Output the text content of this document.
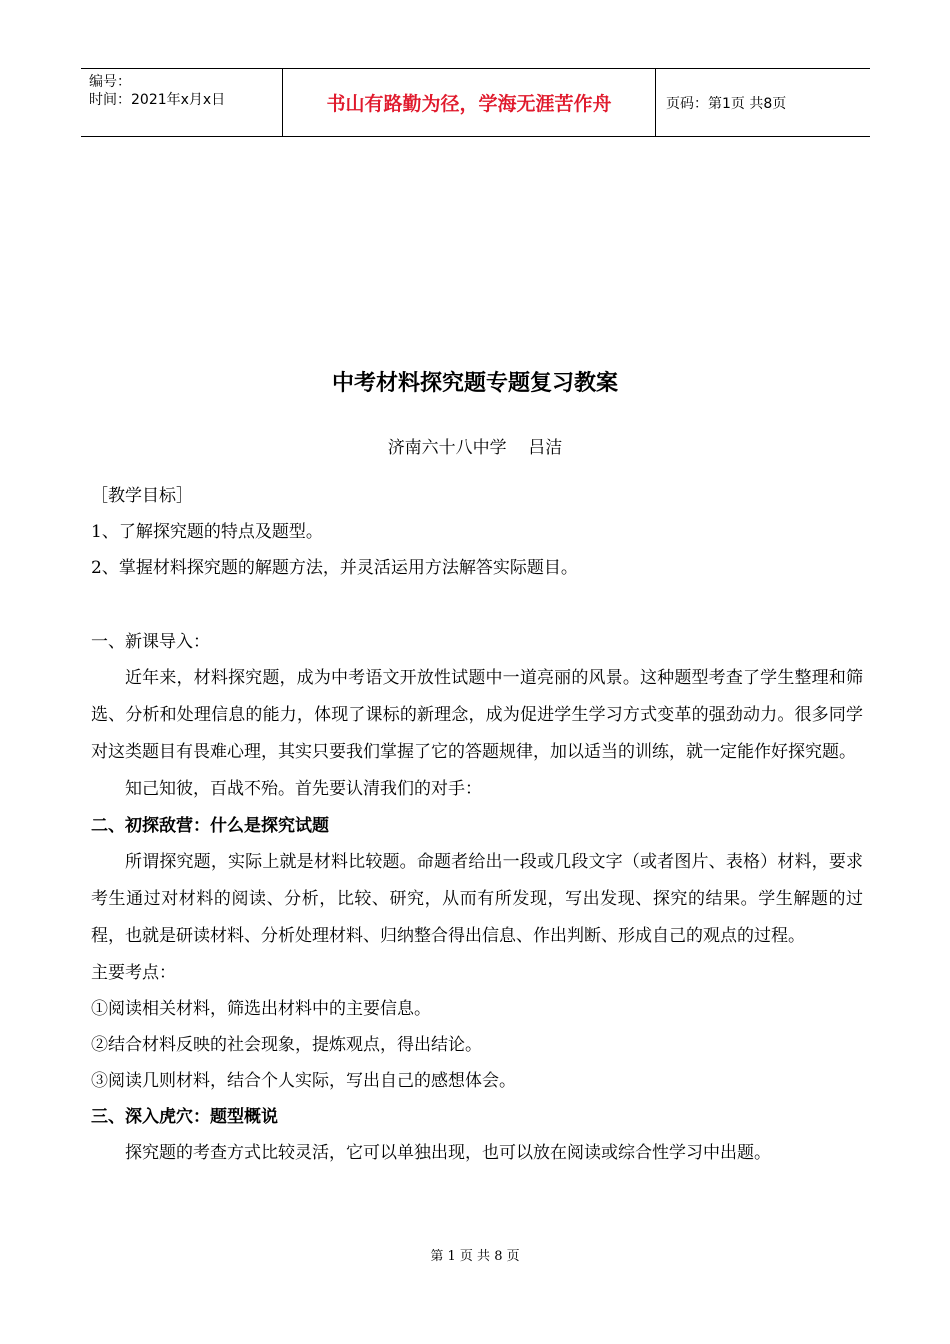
编号：
时间：2021年x月x日	书山有路勤为径，学海无涯苦作舟	页码：第1页 共8页
中考材料探究题专题复习教案
济南六十八中学    吕洁
［教学目标］
1、了解探究题的特点及题型。
2、掌握材料探究题的解题方法，并灵活运用方法解答实际题目。
一、新课导入：
近年来，材料探究题，成为中考语文开放性试题中一道亮丽的风景。这种题型考查了学生整理和筛选、分析和处理信息的能力，体现了课标的新理念，成为促进学生学习方式变革的强劲动力。很多同学对这类题目有畏难心理，其实只要我们掌握了它的答题规律，加以适当的训练，就一定能作好探究题。
知己知彼，百战不殆。首先要认清我们的对手：
二、初探敌营：什么是探究试题
所谓探究题，实际上就是材料比较题。命题者给出一段或几段文字（或者图片、表格）材料，要求考生通过对材料的阅读、分析，比较、研究，从而有所发现，写出发现、探究的结果。学生解题的过程，也就是研读材料、分析处理材料、归纳整合得出信息、作出判断、形成自己的观点的过程。
主要考点：
①阅读相关材料，筛选出材料中的主要信息。
②结合材料反映的社会现象，提炼观点，得出结论。
③阅读几则材料，结合个人实际，写出自己的感想体会。
三、深入虎穴：题型概说
探究题的考查方式比较灵活，它可以单独出现，也可以放在阅读或综合性学习中出题。
第 1 页 共 8 页
